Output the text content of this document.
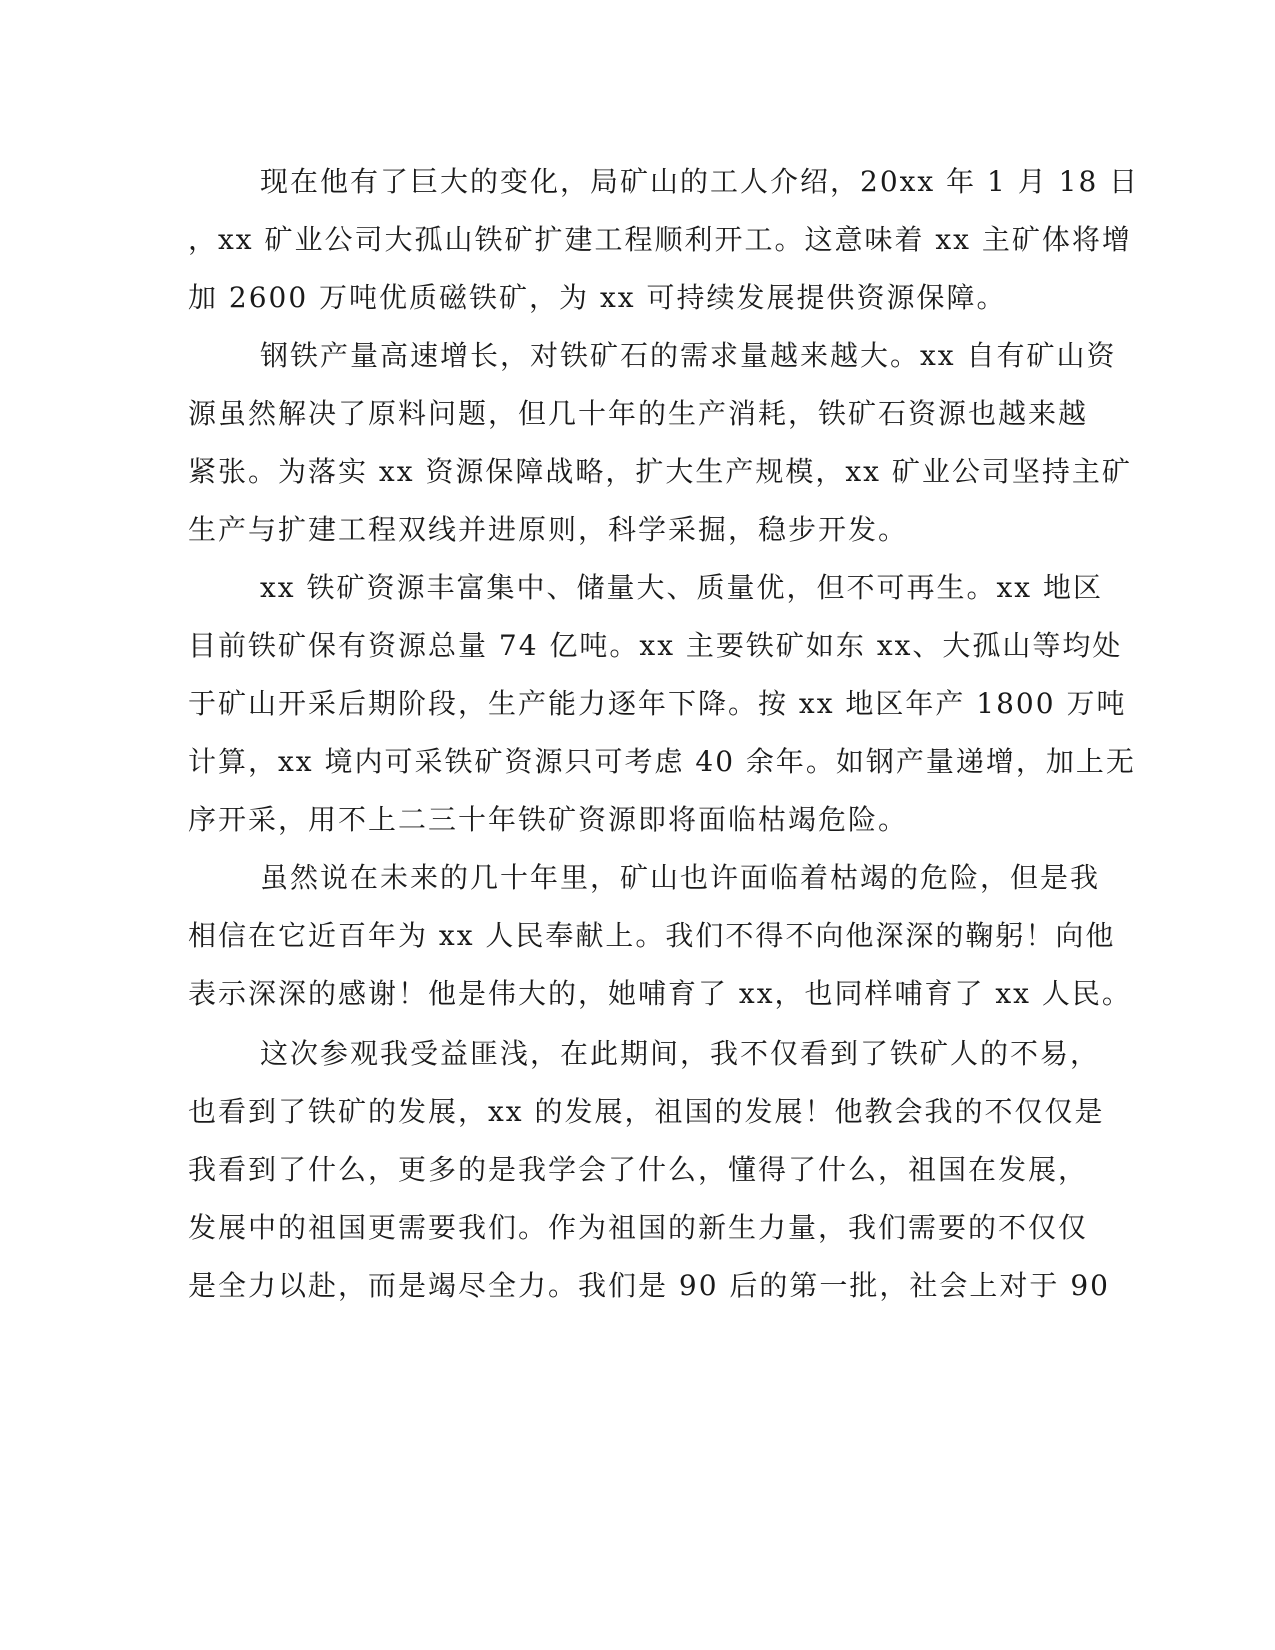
现在他有了巨大的变化，局矿山的工人介绍，20xx 年 1 月 18 日
，xx 矿业公司大孤山铁矿扩建工程顺利开工。这意味着 xx 主矿体将增
加 2600 万吨优质磁铁矿，为 xx 可持续发展提供资源保障。
钢铁产量高速增长，对铁矿石的需求量越来越大。xx 自有矿山资
源虽然解决了原料问题，但几十年的生产消耗，铁矿石资源也越来越
紧张。为落实 xx 资源保障战略，扩大生产规模，xx 矿业公司坚持主矿
生产与扩建工程双线并进原则，科学采掘，稳步开发。
xx 铁矿资源丰富集中、储量大、质量优，但不可再生。xx 地区
目前铁矿保有资源总量 74 亿吨。xx 主要铁矿如东 xx、大孤山等均处
于矿山开采后期阶段，生产能力逐年下降。按 xx 地区年产 1800 万吨
计算，xx 境内可采铁矿资源只可考虑 40 余年。如钢产量递增，加上无
序开采，用不上二三十年铁矿资源即将面临枯竭危险。
虽然说在未来的几十年里，矿山也许面临着枯竭的危险，但是我
相信在它近百年为 xx 人民奉献上。我们不得不向他深深的鞠躬！向他
表示深深的感谢！他是伟大的，她哺育了 xx，也同样哺育了 xx 人民。
这次参观我受益匪浅，在此期间，我不仅看到了铁矿人的不易，
也看到了铁矿的发展，xx 的发展，祖国的发展！他教会我的不仅仅是
我看到了什么，更多的是我学会了什么，懂得了什么，祖国在发展，
发展中的祖国更需要我们。作为祖国的新生力量，我们需要的不仅仅
是全力以赴，而是竭尽全力。我们是 90 后的第一批，社会上对于 90
